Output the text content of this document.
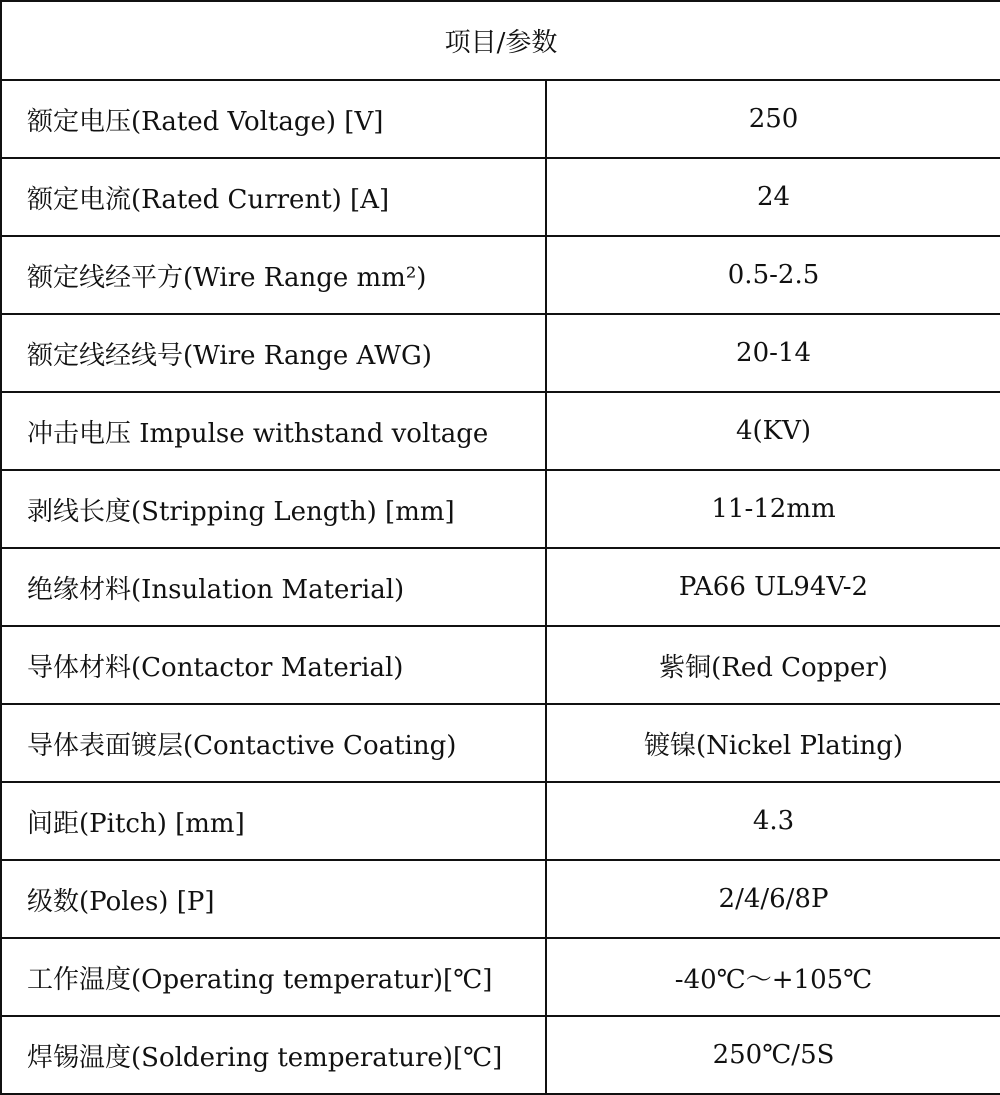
项目/参数	
额定电压(Rated Voltage) [V]	250
额定电流(Rated Current) [A]	24
额定线经平方(Wire Range mm²)	0.5-2.5
额定线经线号(Wire Range AWG)	20-14
冲击电压 Impulse withstand voltage	4(KV)
剥线长度(Stripping Length) [mm]	11-12mm
绝缘材料(Insulation Material)	PA66 UL94V-2
导体材料(Contactor Material)	紫铜(Red Copper)
导体表面镀层(Contactive Coating)	镀镍(Nickel Plating)
间距(Pitch) [mm]	4.3
级数(Poles) [P]	2/4/6/8P
工作温度(Operating temperatur)[℃]	-40℃～+105℃
焊锡温度(Soldering temperature)[℃]	250℃/5S
